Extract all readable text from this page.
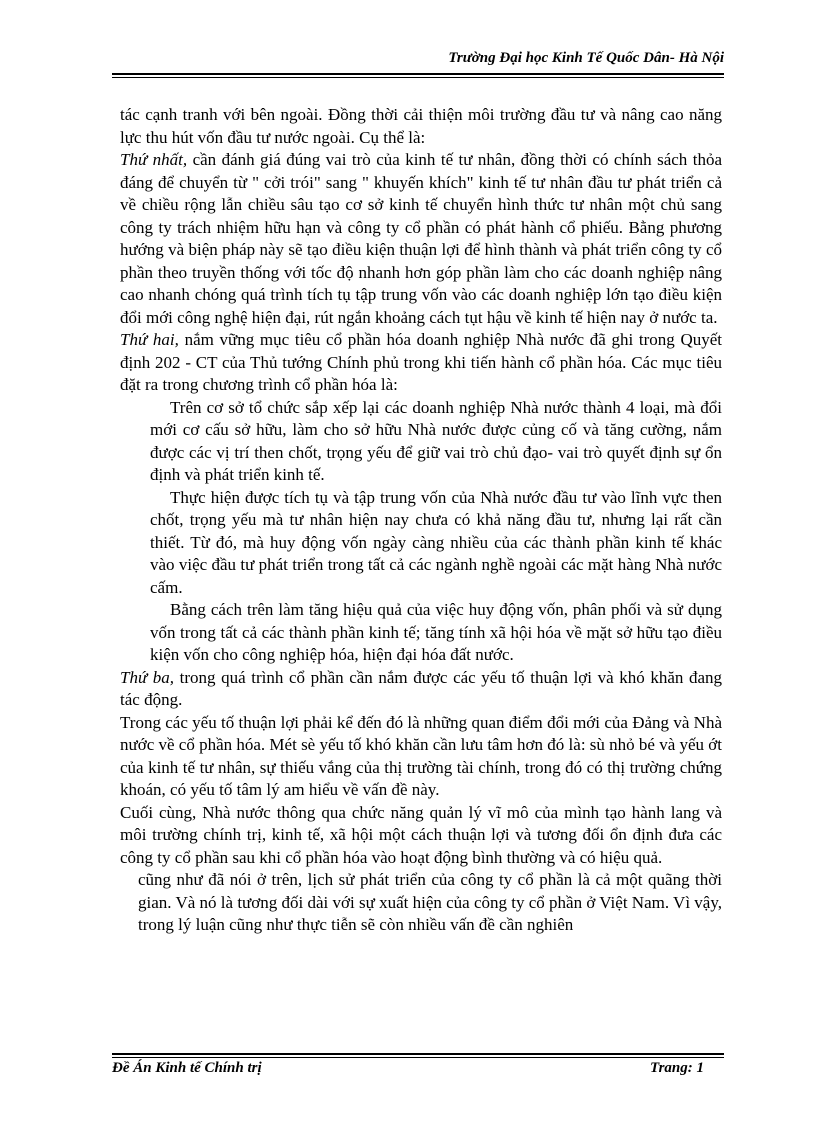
Trường Đại học Kinh Tế Quốc Dân- Hà Nội

tác cạnh tranh với bên ngoài. Đồng thời cải thiện môi trường đầu tư và nâng cao năng lực thu hút vốn đầu tư nước ngoài. Cụ thể là:

Thứ nhất, cần đánh giá đúng vai trò của kinh tế tư nhân, đồng thời có chính sách thỏa đáng để chuyển từ " cởi trói" sang " khuyến khích" kinh tế tư nhân đầu tư phát triển cả về chiều rộng lẫn chiều sâu tạo cơ sở kinh tế chuyển hình thức tư nhân một chủ sang công ty trách nhiệm hữu hạn và công ty cổ phần có phát hành cổ phiếu. Bằng phương hướng và biện pháp này sẽ tạo điều kiện thuận lợi để hình thành và phát triển công ty cổ phần theo truyền thống với tốc độ nhanh hơn góp phần làm cho các doanh nghiệp nâng cao nhanh chóng quá trình tích tụ tập trung vốn vào các doanh nghiệp lớn tạo điều kiện đổi mới công nghệ hiện đại, rút ngắn khoảng cách tụt hậu về kinh tế hiện nay ở nước ta.

Thứ hai, nắm vững mục tiêu cổ phần hóa doanh nghiệp Nhà nước đã ghi trong Quyết định 202 - CT của Thủ tướng Chính phủ trong khi tiến hành cổ phần hóa. Các mục tiêu đặt ra trong chương trình cổ phần hóa là:

Trên cơ sở tổ chức sắp xếp lại các doanh nghiệp Nhà nước thành 4 loại, mà đổi mới cơ cấu sở hữu, làm cho sở hữu Nhà nước được củng cố và tăng cường, nắm được các vị trí then chốt, trọng yếu để giữ vai trò chủ đạo- vai trò quyết định sự ổn định và phát triển kinh tế.

Thực hiện được tích tụ và tập trung vốn của Nhà nước đầu tư vào lĩnh vực then chốt, trọng yếu mà tư nhân hiện nay chưa có khả năng đầu tư, nhưng lại rất cần thiết. Từ đó, mà huy động vốn ngày càng nhiều của các thành phần kinh tế khác vào việc đầu tư phát triển trong tất cả các ngành nghề ngoài các mặt hàng Nhà nước cấm.

Bằng cách trên làm tăng hiệu quả của việc huy động vốn, phân phối và sử dụng vốn trong tất cả các thành phần kinh tế; tăng tính xã hội hóa về mặt sở hữu tạo điều kiện vốn cho công nghiệp hóa, hiện đại hóa đất nước.

Thứ ba, trong quá trình cổ phần cần nắm được các yếu tố thuận lợi và khó khăn đang tác động.

Trong các yếu tố thuận lợi phải kể đến đó là những quan điểm đổi mới của Đảng và Nhà nước về cổ phần hóa. Mét sè yếu tố khó khăn cần lưu tâm hơn đó là: sù nhỏ bé và yếu ớt của kinh tế tư nhân, sự thiếu vắng của thị trường tài chính, trong đó có thị trường chứng khoán, có yếu tố tâm lý am hiểu về vấn đề này.

Cuối cùng, Nhà nước thông qua chức năng quản lý vĩ mô của mình tạo hành lang và môi trường chính trị, kinh tế, xã hội một cách thuận lợi và tương đối ổn định đưa các công ty cổ phần sau khi cổ phần hóa vào hoạt động bình thường và có hiệu quả.

cũng như đã nói ở trên, lịch sử phát triển của công ty cổ phần là cả một quãng thời gian. Và nó là tương đối dài với sự xuất hiện của công ty cổ phần ở Việt Nam. Vì vậy, trong lý luận cũng như thực tiễn sẽ còn nhiều vấn đề cần nghiên

Đề Án Kinh tế Chính trị	Trang: 1
